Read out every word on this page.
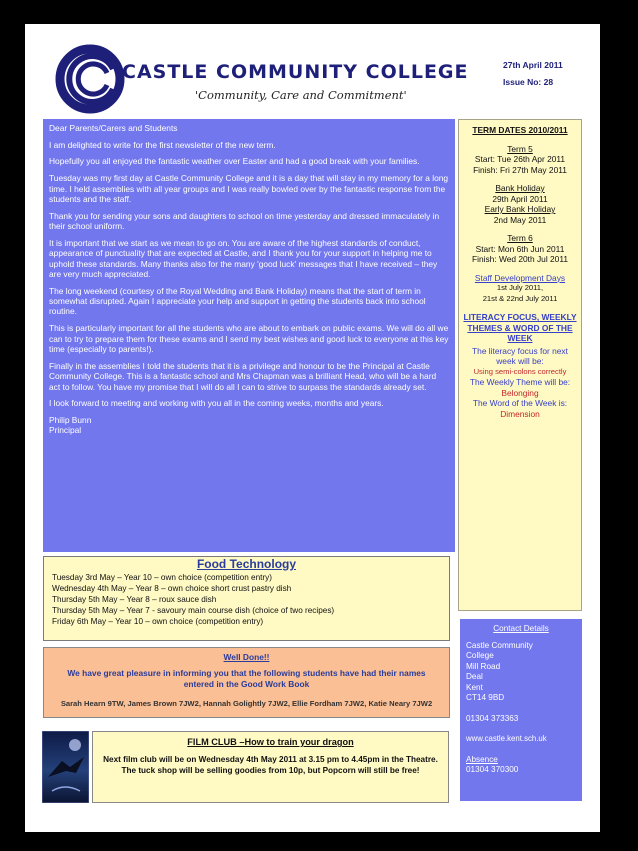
CASTLE COMMUNITY COLLEGE
'Community, Care and Commitment'
27th April 2011
Issue No: 28

Dear Parents/Carers and Students

I am delighted to write for the first newsletter of the new term.

Hopefully you all enjoyed the fantastic weather over Easter and had a good break with your families.

Tuesday was my first day at Castle Community College and it is a day that will stay in my memory for a long time. I held assemblies with all year groups and I was really bowled over by the fantastic response from the students and the staff.

Thank you for sending your sons and daughters to school on time yesterday and dressed immaculately in their school uniform.

It is important that we start as we mean to go on. You are aware of the highest standards of conduct, appearance of punctuality that are expected at Castle, and I thank you for your support in helping me to uphold these standards. Many thanks also for the many 'good luck' messages that I have received – they are very much appreciated.

The long weekend (courtesy of the Royal Wedding and Bank Holiday) means that the start of term in somewhat disrupted. Again I appreciate your help and support in getting the students back into school routine.

This is particularly important for all the students who are about to embark on public exams. We will do all we can to try to prepare them for these exams and I send my best wishes and good luck to everyone at this key time (especially to parents!).

Finally in the assemblies I told the students that it is a privilege and honour to be the Principal at Castle Community College. This is a fantastic school and Mrs Chapman was a brilliant Head, who will be a hard act to follow. You have my promise that I will do all I can to strive to surpass the standards already set.

I look forward to meeting and working with you all in the coming weeks, months and years.

Philip Bunn
Principal
TERM DATES 2010/2011
Term 5
Start: Tue 26th Apr 2011
Finish: Fri 27th May 2011
Bank Holiday
29th April 2011
Early Bank Holiday
2nd May 2011
Term 6
Start: Mon 6th Jun 2011
Finish: Wed 20th Jul 2011
Staff Development Days
1st July 2011,
21st & 22nd July 2011
LITERACY FOCUS, WEEKLY THEMES & WORD OF THE WEEK
The literacy focus for next week will be:
Using semi-colons correctly
The Weekly Theme will be:
Belonging
The Word of the Week is:
Dimension
Food Technology
Tuesday 3rd May – Year 10 – own choice (competition entry)
Wednesday 4th May – Year 8 – own choice short crust pastry dish
Thursday 5th May – Year 8 – roux sauce dish
Thursday 5th May – Year 7 - savoury main course dish (choice of two recipes)
Friday 6th May – Year 10 – own choice (competition entry)
Well Done!!
We have great pleasure in informing you that the following students have had their names entered in the Good Work Book
Sarah Hearn 9TW, James Brown 7JW2, Hannah Golightly 7JW2, Ellie Fordham 7JW2, Katie Neary 7JW2
Contact Details
Castle Community
College
Mill Road
Deal
Kent
CT14 9BD
01304 373363
www.castle.kent.sch.uk
Absence
01304 370300
FILM CLUB –How to train your dragon
Next film club will be on Wednesday 4th May 2011 at 3.15 pm to 4.45pm in the Theatre. The tuck shop will be selling goodies from 10p, but Popcorn will still be free!
